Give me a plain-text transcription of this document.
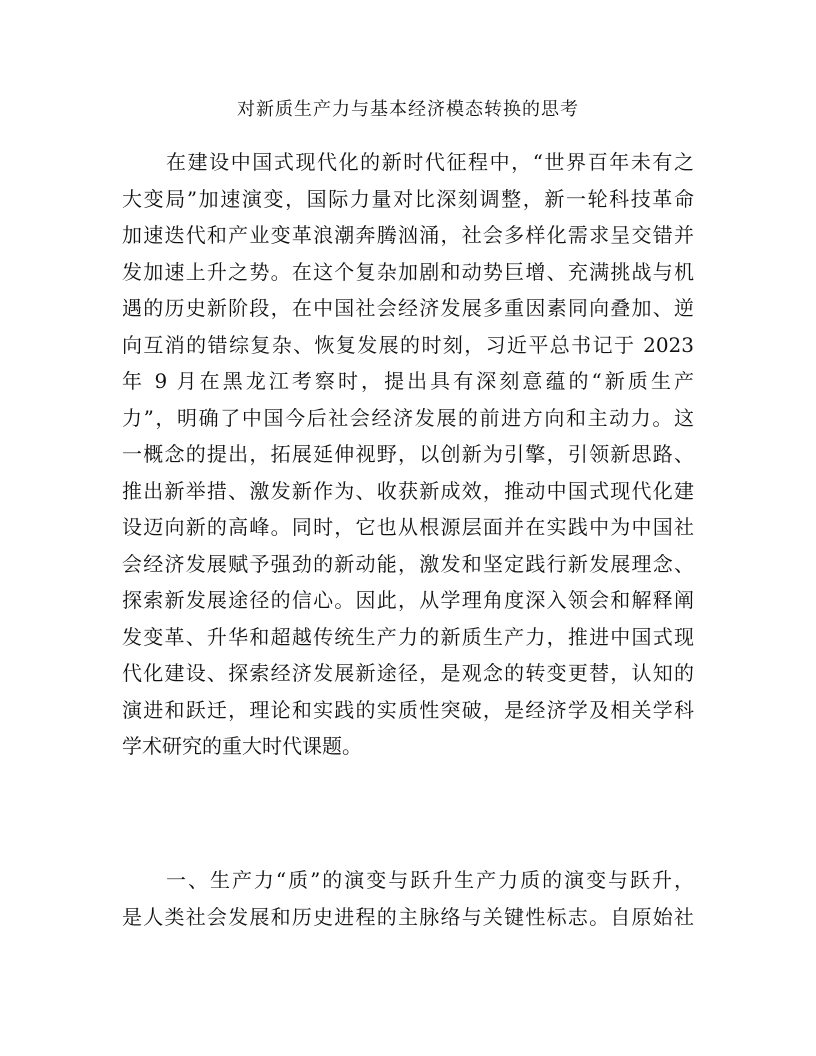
对新质生产力与基本经济模态转换的思考
在建设中国式现代化的新时代征程中，“世界百年未有之
大变局”加速演变，国际力量对比深刻调整，新一轮科技革命
加速迭代和产业变革浪潮奔腾汹涌，社会多样化需求呈交错并
发加速上升之势。在这个复杂加剧和动势巨增、充满挑战与机
遇的历史新阶段，在中国社会经济发展多重因素同向叠加、逆
向互消的错综复杂、恢复发展的时刻，习近平总书记于 2023
年 9 月在黑龙江考察时，提出具有深刻意蕴的“新质生产
力”，明确了中国今后社会经济发展的前进方向和主动力。这
一概念的提出，拓展延伸视野，以创新为引擎，引领新思路、
推出新举措、激发新作为、收获新成效，推动中国式现代化建
设迈向新的高峰。同时，它也从根源层面并在实践中为中国社
会经济发展赋予强劲的新动能，激发和坚定践行新发展理念、
探索新发展途径的信心。因此，从学理角度深入领会和解释阐
发变革、升华和超越传统生产力的新质生产力，推进中国式现
代化建设、探索经济发展新途径，是观念的转变更替，认知的
演进和跃迁，理论和实践的实质性突破，是经济学及相关学科
学术研究的重大时代课题。
一、生产力“质”的演变与跃升生产力质的演变与跃升，
是人类社会发展和历史进程的主脉络与关键性标志。自原始社
